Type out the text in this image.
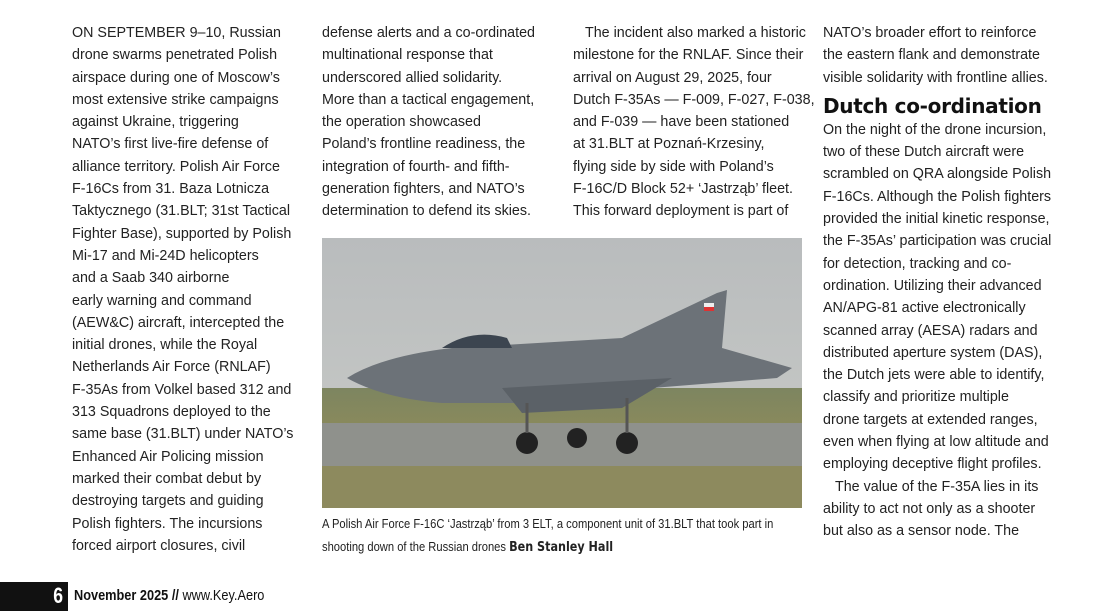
ON SEPTEMBER 9–10, Russian
drone swarms penetrated Polish
airspace during one of Moscow’s
most extensive strike campaigns
against Ukraine, triggering
NATO’s first live-fire defense of
alliance territory. Polish Air Force
F-16Cs from 31. Baza Lotnicza
Taktycznego (31.BLT; 31st Tactical
Fighter Base), supported by Polish
Mi-17 and Mi-24D helicopters
and a Saab 340 airborne
early warning and command
(AEW&C) aircraft, intercepted the
initial drones, while the Royal
Netherlands Air Force (RNLAF)
F-35As from Volkel based 312 and
313 Squadrons deployed to the
same base (31.BLT) under NATO’s
Enhanced Air Policing mission
marked their combat debut by
destroying targets and guiding
Polish fighters. The incursions
forced airport closures, civil
defense alerts and a co-ordinated
multinational response that
underscored allied solidarity.
More than a tactical engagement,
the operation showcased
Poland’s frontline readiness, the
integration of fourth- and fifth-
generation fighters, and NATO’s
determination to defend its skies.
The incident also marked a historic
milestone for the RNLAF. Since their
arrival on August 29, 2025, four
Dutch F-35As — F-009, F-027, F-038,
and F-039 — have been stationed
at 31.BLT at Poznań-Krzesiny,
flying side by side with Poland’s
F-16C/D Block 52+ ‘Jastrząb’ fleet.
This forward deployment is part of
NATO’s broader effort to reinforce
the eastern flank and demonstrate
visible solidarity with frontline allies.
Dutch co-ordination
On the night of the drone incursion,
two of these Dutch aircraft were
scrambled on QRA alongside Polish
F-16Cs. Although the Polish fighters
provided the initial kinetic response,
the F-35As’ participation was crucial
for detection, tracking and co-
ordination. Utilizing their advanced
AN/APG-81 active electronically
scanned array (AESA) radars and
distributed aperture system (DAS),
the Dutch jets were able to identify,
classify and prioritize multiple
drone targets at extended ranges,
even when flying at low altitude and
employing deceptive flight profiles.
The value of the F-35A lies in its
ability to act not only as a shooter
but also as a sensor node. The
A Polish Air Force F-16C ‘Jastrząb’ from 3 ELT, a component unit of 31.BLT that took part in
shooting down of the Russian drones Ben Stanley Hall
6 November 2025 // www.Key.Aero
